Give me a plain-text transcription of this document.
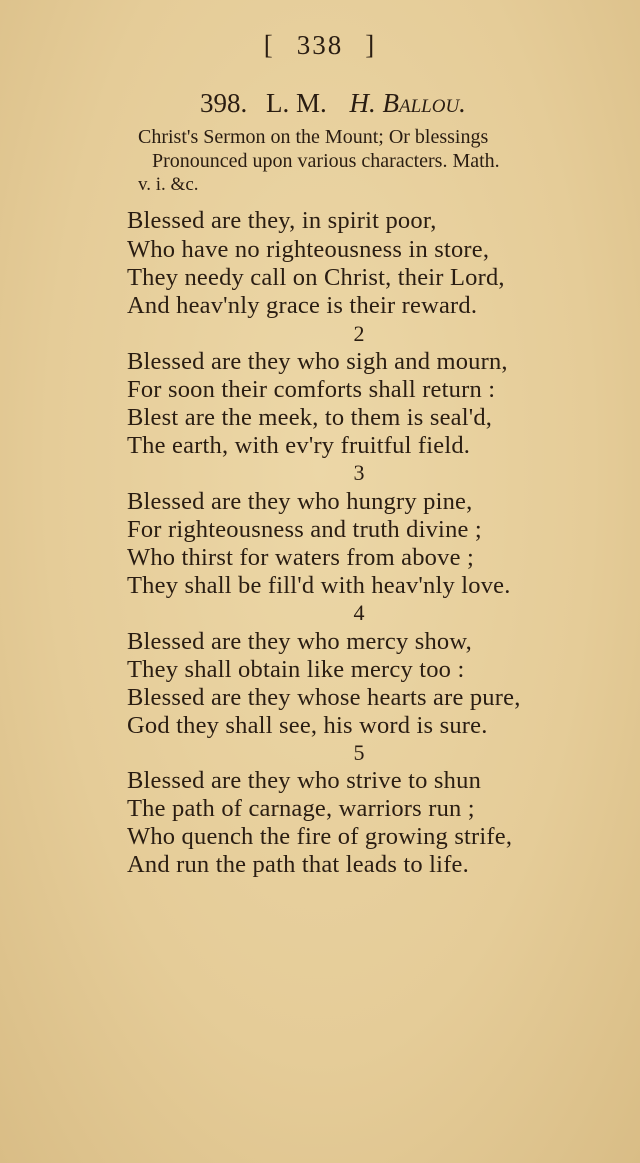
[ 338 ]
398. L. M. H. Ballou.
Christ's Sermon on the Mount; Or blessings
Pronounced upon various characters. Math.
v. i. &c.
Blessed are they, in spirit poor,
Who have no righteousness in store,
They needy call on Christ, their Lord,
And heav'nly grace is their reward.
2
Blessed are they who sigh and mourn,
For soon their comforts shall return :
Blest are the meek, to them is seal'd,
The earth, with ev'ry fruitful field.
3
Blessed are they who hungry pine,
For righteousness and truth divine ;
Who thirst for waters from above ;
They shall be fill'd with heav'nly love.
4
Blessed are they who mercy show,
They shall obtain like mercy too :
Blessed are they whose hearts are pure,
God they shall see, his word is sure.
5
Blessed are they who strive to shun
The path of carnage, warriors run ;
Who quench the fire of growing strife,
And run the path that leads to life.
